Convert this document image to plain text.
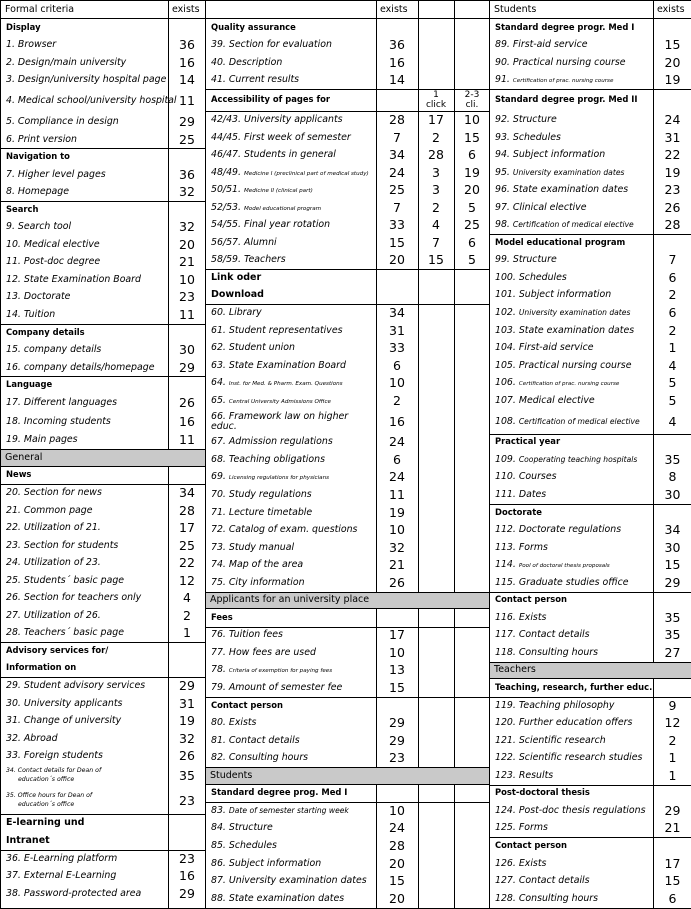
Formal criteria	exists
Display
1. Browser	36
2. Design/main university	16
3. Design/university hospital page	14
4. Medical school/university hospital 11
5. Compliance in design	29
6. Print version	25
Navigation to
7. Higher level pages	36
8. Homepage	32
Search
9. Search tool	32
10. Medical elective	20
11. Post-doc degree	21
12. State Examination Board	10
13. Doctorate	23
14. Tuition	11
Company details
15. company details	30
16. company details/homepage	29
Language
17. Different languages	26
18. Incoming students	16
19. Main pages	11
General
News
20. Section for news	34
21. Common page	28
22. Utilization of 21.	17
23. Section for students	25
24. Utilization of 23.	22
25. Students´ basic page	12
26. Section for teachers only	4
27. Utilization of 26.	2
28. Teachers´ basic page	1
Advisory services for/
Information on
29. Student advisory services	29
30. University applicants	31
31. Change of university	19
32. Abroad	32
33. Foreign students	26
34. Contact details for Dean of
education´s office	35
35. Office hours for Dean of
education´s office	23
E-learning und
Intranet
36. E-Learning platform	23
37. External E-Learning	16
38. Password-protected area	29
exists
Quality assurance
39. Section for evaluation	36
40. Description	16
41. Current results	14
Accessibility of pages for	1 click
2-3 cli.
42/43. University applicants	28	17	10
44/45. First week of semester	7	2	15
46/47. Students in general	34	28	6
48/49. Medicine I (preclinical part of medical study)	24	3	19
50/51. Medicine II (clinical part)	25	3	20
52/53. Model educational program	7	2	5
54/55. Final year rotation	33	4	25
56/57. Alumni	15	7	6
58/59. Teachers	20	15	5
Link oder
Download
60. Library	34
61. Student representatives	31
62. Student union	33
63. State Examination Board	6
64. Inst. for Med. & Pharm. Exam. Questions	10
65. Central University Admissions Office	2
66. Framework law on higher
educ.	16
67. Admission regulations	24
68. Teaching obligations	6
69. Licensing regulations for physicians	24
70. Study regulations	11
71. Lecture timetable	19
72. Catalog of exam. questions	10
73. Study manual	32
74. Map of the area	21
75. City information	26
Applicants for an university place
Fees
76. Tuition fees	17
77. How fees are used	10
78. Criteria of exemption for paying fees	13
79. Amount of semester fee	15
Contact person
80. Exists	29
81. Contact details	29
82. Consulting hours	23
Students
Standard degree prog. Med I
83. Date of semester starting week	10
84. Structure	24
85. Schedules	28
86. Subject information	20
87. University examination dates	15
88. State examination dates	20
Students	exists
Standard degree progr. Med I
89. First-aid service	15
90. Practical nursing course	20
91. Certification of prac. nursing course	19
Standard degree progr. Med II
92. Structure	24
93. Schedules	31
94. Subject information	22
95. University examination dates	19
96. State examination dates	23
97. Clinical elective	26
98. Certification of medical elective	28
Model educational program
99. Structure	7
100. Schedules	6
101. Subject information	2
102. University examination dates	6
103. State examination dates	2
104. First-aid service	1
105. Practical nursing course	4
106. Certification of prac. nursing course	5
107. Medical elective	5
108. Certification of medical elective	4
Practical year
109. Cooperating teaching hospitals	35
110. Courses	8
111. Dates	30
Doctorate
112. Doctorate regulations	34
113. Forms	30
114. Pool of doctoral thesis proposals	15
115. Graduate studies office	29
Contact person
116. Exists	35
117. Contact details	35
118. Consulting hours	27
Teachers
Teaching, research, further educ.
119. Teaching philosophy	9
120. Further education offers	12
121. Scientific research	2
122. Scientific research studies	1
123. Results	1
Post-doctoral thesis
124. Post-doc thesis regulations	29
125. Forms	21
Contact person
126. Exists	17
127. Contact details	15
128. Consulting hours	6
